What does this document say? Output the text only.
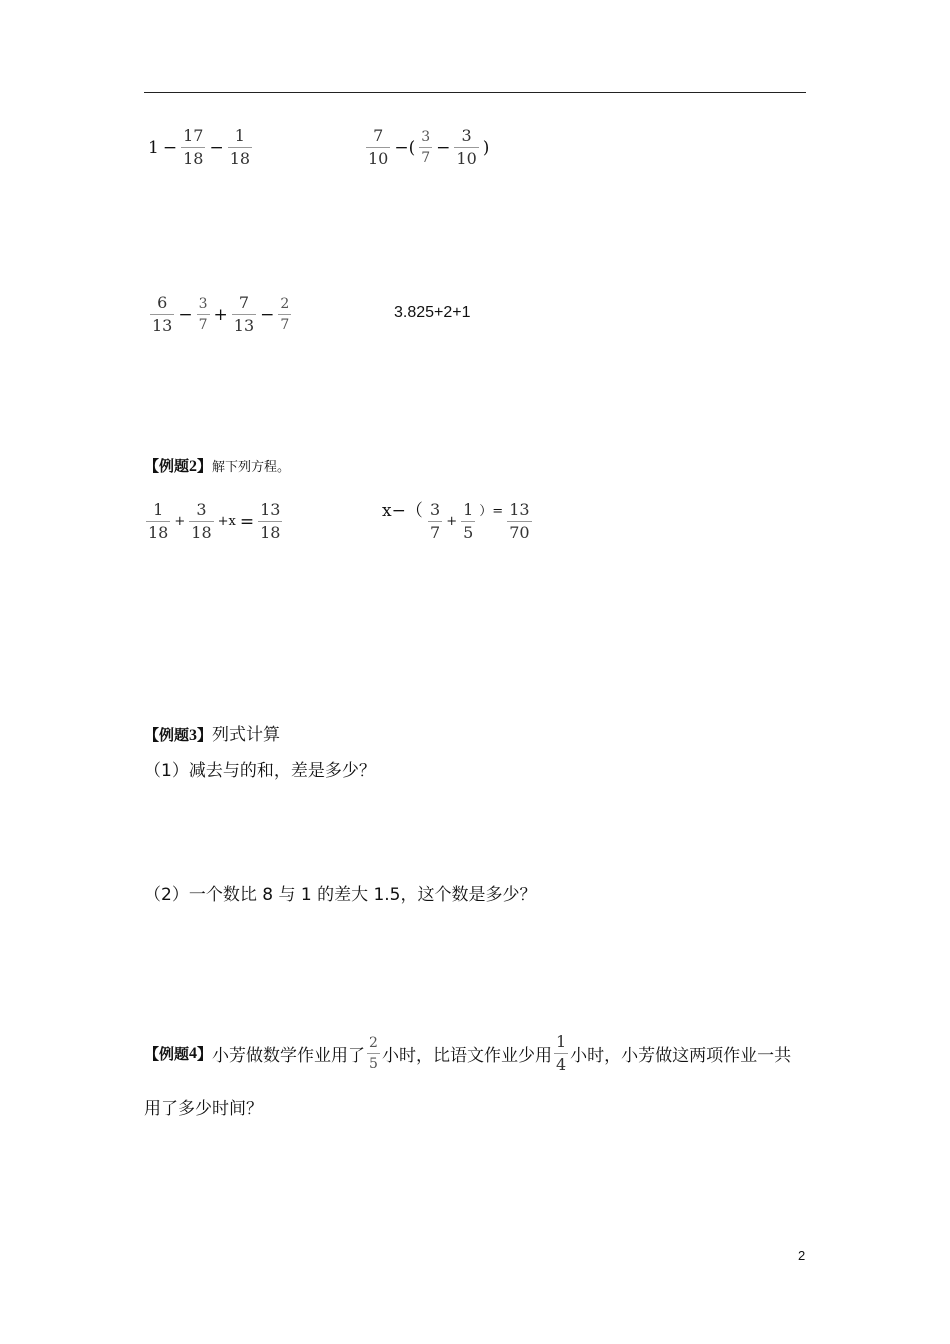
$1 - \frac{17}{18} - \frac{1}{18}$	$\frac{7}{10}$ −( $\frac{3}{7} - \frac{3}{10}$ )
$\frac{6}{13} - \frac{3}{7} + \frac{7}{13} - \frac{2}{7}$	3.825+2+1
【例题2】解下列方程。
$\frac{1}{18} + \frac{3}{18} +x = \frac{13}{18}$	$x-( \frac{3}{7} + \frac{1}{5}$ ）= $\frac{13}{70}$
【例题3】列式计算
（1）减去与的和，差是多少？
（2）一个数比 8 与 1 的差大 1.5，这个数是多少？
【例题 4 】 小芳做数学作业用了 $\frac{2}{5}$ 小时，比语文作业少用 $\frac{1}{4}$ 小时，小芳做这两项作业一共
用了多少时间？
2
